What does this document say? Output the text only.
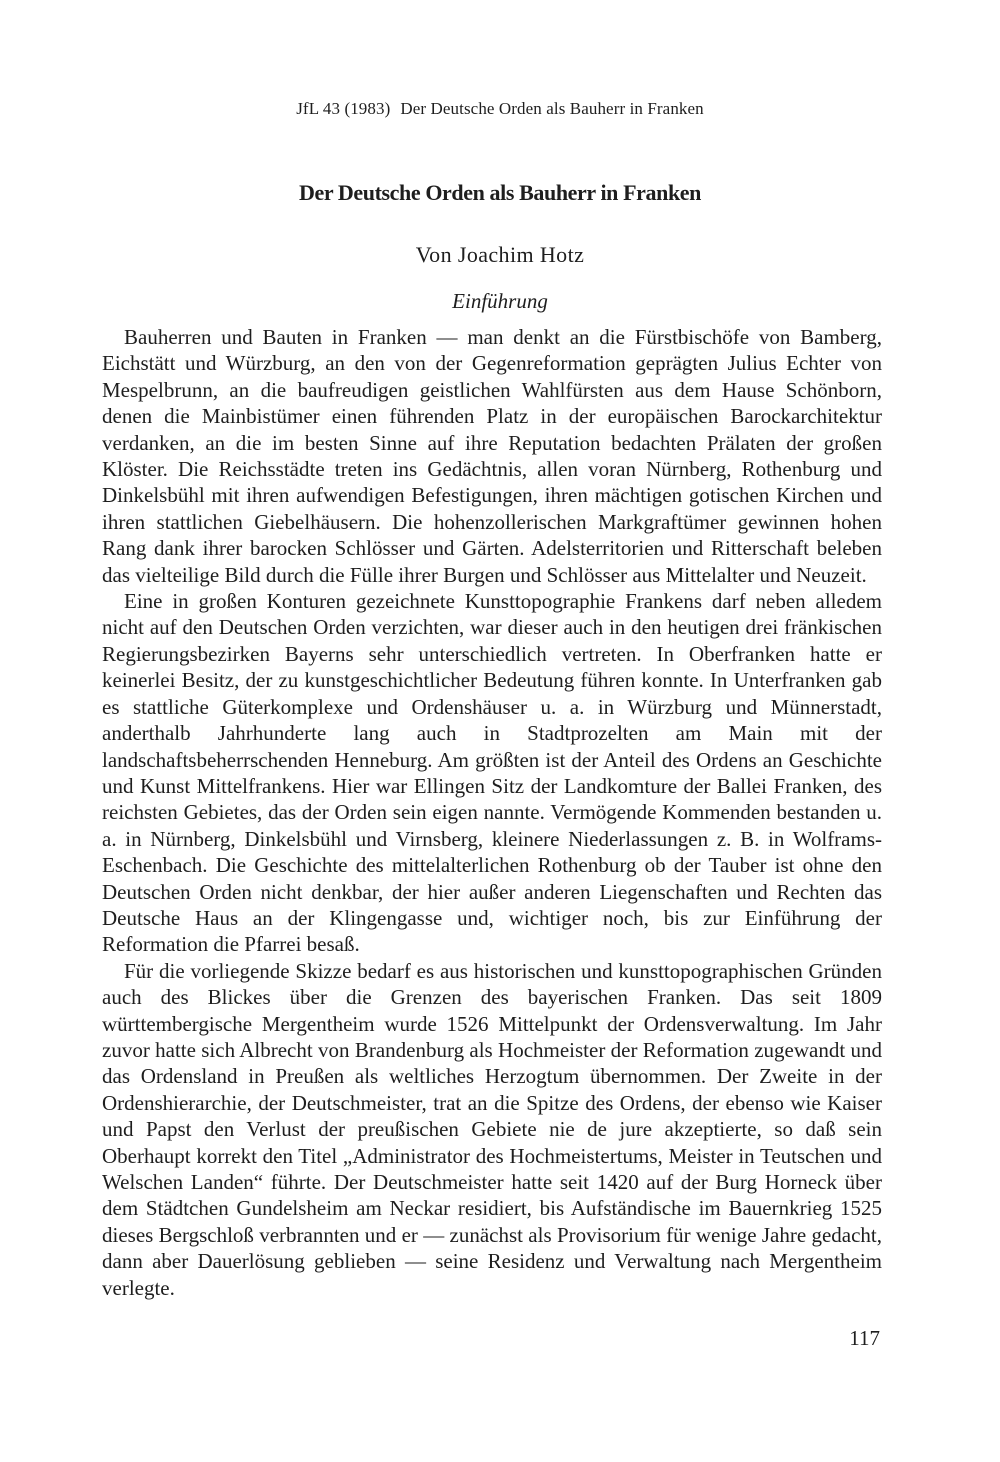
JfL 43 (1983) Der Deutsche Orden als Bauherr in Franken
Der Deutsche Orden als Bauherr in Franken
Von Joachim Hotz
Einführung

Bauherren und Bauten in Franken — man denkt an die Fürstbischöfe von Bamberg, Eichstätt und Würzburg, an den von der Gegenreformation geprägten Julius Echter von Mespelbrunn, an die baufreudigen geistlichen Wahlfürsten aus dem Hause Schönborn, denen die Mainbistümer einen führenden Platz in der europäischen Barockarchitektur verdanken, an die im besten Sinne auf ihre Reputation bedachten Prälaten der großen Klöster. Die Reichsstädte treten ins Gedächtnis, allen voran Nürnberg, Rothenburg und Dinkelsbühl mit ihren aufwendigen Befestigungen, ihren mächtigen gotischen Kirchen und ihren stattlichen Giebelhäusern. Die hohenzollerischen Markgraftümer gewinnen hohen Rang dank ihrer barocken Schlösser und Gärten. Adelsterritorien und Ritterschaft beleben das vielteilige Bild durch die Fülle ihrer Burgen und Schlösser aus Mittelalter und Neuzeit.

Eine in großen Konturen gezeichnete Kunsttopographie Frankens darf neben alledem nicht auf den Deutschen Orden verzichten, war dieser auch in den heutigen drei fränkischen Regierungsbezirken Bayerns sehr unterschiedlich vertreten. In Oberfranken hatte er keinerlei Besitz, der zu kunstgeschichtlicher Bedeutung führen konnte. In Unterfranken gab es stattliche Güterkomplexe und Ordenshäuser u. a. in Würzburg und Münnerstadt, anderthalb Jahrhunderte lang auch in Stadtprozelten am Main mit der landschaftsbeherrschenden Henneburg. Am größten ist der Anteil des Ordens an Geschichte und Kunst Mittelfrankens. Hier war Ellingen Sitz der Landkomture der Ballei Franken, des reichsten Gebietes, das der Orden sein eigen nannte. Vermögende Kommenden bestanden u. a. in Nürnberg, Dinkelsbühl und Virnsberg, kleinere Niederlassungen z. B. in Wolframs-Eschenbach. Die Geschichte des mittelalterlichen Rothenburg ob der Tauber ist ohne den Deutschen Orden nicht denkbar, der hier außer anderen Liegenschaften und Rechten das Deutsche Haus an der Klingengasse und, wichtiger noch, bis zur Einführung der Reformation die Pfarrei besaß.

Für die vorliegende Skizze bedarf es aus historischen und kunsttopographischen Gründen auch des Blickes über die Grenzen des bayerischen Franken. Das seit 1809 württembergische Mergentheim wurde 1526 Mittelpunkt der Ordensverwaltung. Im Jahr zuvor hatte sich Albrecht von Brandenburg als Hochmeister der Reformation zugewandt und das Ordensland in Preußen als weltliches Herzogtum übernommen. Der Zweite in der Ordenshierarchie, der Deutschmeister, trat an die Spitze des Ordens, der ebenso wie Kaiser und Papst den Verlust der preußischen Gebiete nie de jure akzeptierte, so daß sein Oberhaupt korrekt den Titel „Administrator des Hochmeistertums, Meister in Teutschen und Welschen Landen“ führte. Der Deutschmeister hatte seit 1420 auf der Burg Horneck über dem Städtchen Gundelsheim am Neckar residiert, bis Aufständische im Bauernkrieg 1525 dieses Bergschloß verbrannten und er — zunächst als Provisorium für wenige Jahre gedacht, dann aber Dauerlösung geblieben — seine Residenz und Verwaltung nach Mergentheim verlegte.

117
